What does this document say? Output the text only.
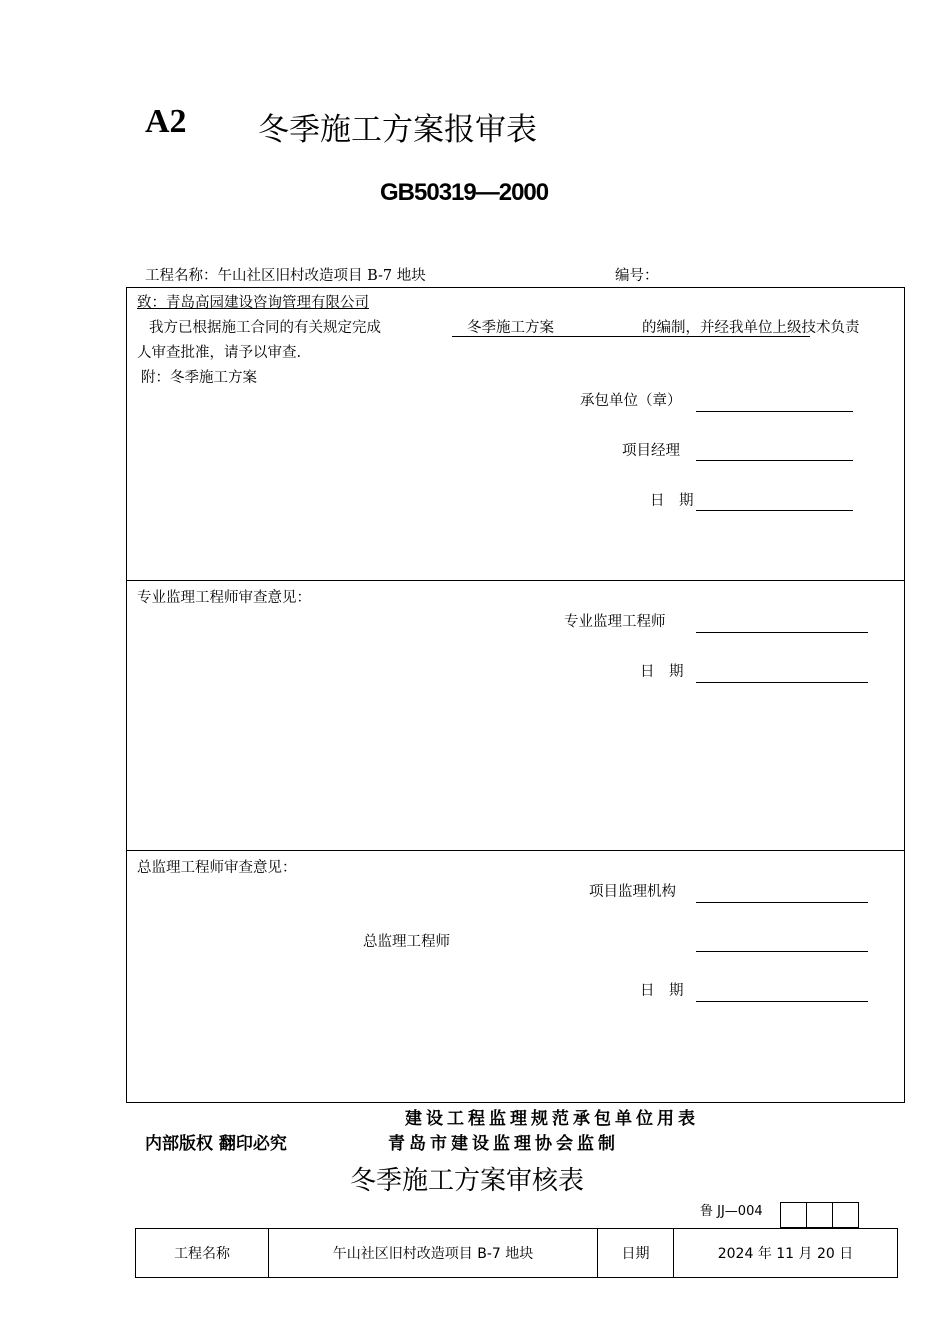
A2 冬季施工方案报审表
GB50319—2000
工程名称：午山社区旧村改造项目 B-7 地块	编号：
致：青岛高园建设咨询管理有限公司
我方已根据施工合同的有关规定完成	冬季施工方案	的编制，并经我单位上级技术负责
人审查批准，请予以审查.
附：冬季施工方案
承包单位（章）
项目经理
日　期
专业监理工程师审查意见：
专业监理工程师
日　期
总监理工程师审查意见：
项目监理机构
总监理工程师
日　期
建设工程监理规范承包单位用表
内部版权 翻印必究	青岛市建设监理协会监制
冬季施工方案审核表
鲁 JJ—004
工程名称	午山社区旧村改造项目 B-7 地块	日期	2024 年 11 月 20 日
